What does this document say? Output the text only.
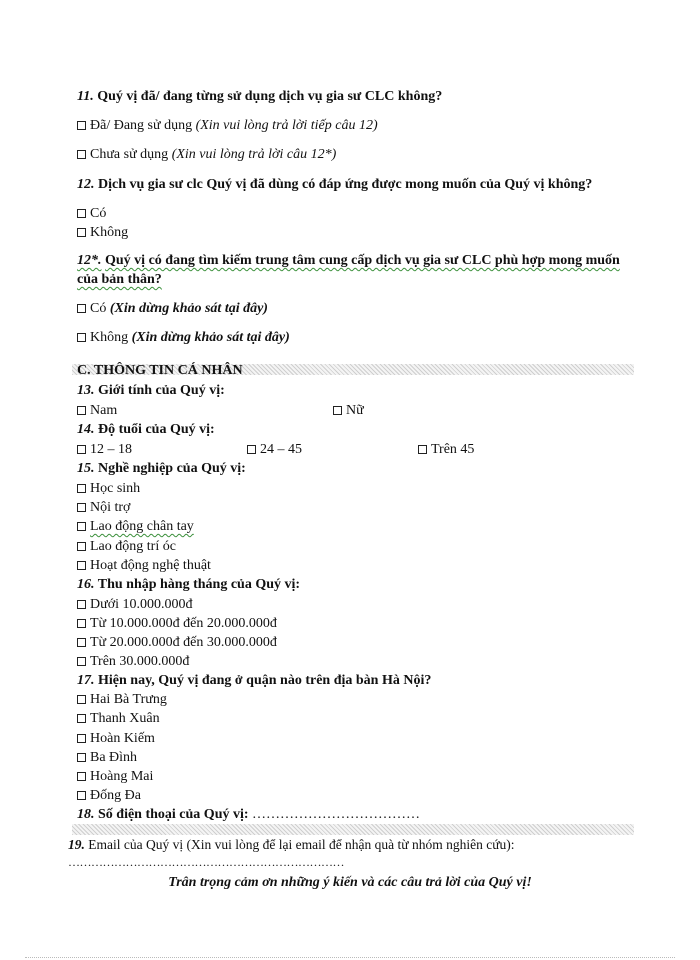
11. Quý vị đã/ đang từng sử dụng dịch vụ gia sư CLC không?
Đã/ Đang sử dụng (Xin vui lòng trả lời tiếp câu 12)
Chưa sử dụng (Xin vui lòng trả lời câu 12*)
12. Dịch vụ gia sư clc Quý vị đã dùng có đáp ứng được mong muốn của Quý vị không?
Có
Không
12*. Quý vị có đang tìm kiếm trung tâm cung cấp dịch vụ gia sư CLC phù hợp mong muốn
của bản thân?
Có (Xin dừng khảo sát tại đây)
Không (Xin dừng khảo sát tại đây)
C. THÔNG TIN CÁ NHÂN
13. Giới tính của Quý vị:
Nam	Nữ
14. Độ tuổi của Quý vị:
12 – 18	24 – 45	Trên 45
15. Nghề nghiệp của Quý vị:
Học sinh
Nội trợ
Lao động chân tay
Lao động trí óc
Hoạt động nghệ thuật
16. Thu nhập hàng tháng của Quý vị:
Dưới 10.000.000đ
Từ 10.000.000đ đến 20.000.000đ
Từ 20.000.000đ đến 30.000.000đ
Trên 30.000.000đ
17. Hiện nay, Quý vị đang ở quận nào trên địa bàn Hà Nội?
Hai Bà Trưng
Thanh Xuân
Hoàn Kiếm
Ba Đình
Hoàng Mai
Đống Đa
18. Số điện thoại của Quý vị: ………………………………
19. Email của Quý vị (Xin vui lòng để lại email để nhận quà từ nhóm nghiên cứu):
………………………………………………………………
Trân trọng cảm ơn những ý kiến và các câu trả lời của Quý vị!
